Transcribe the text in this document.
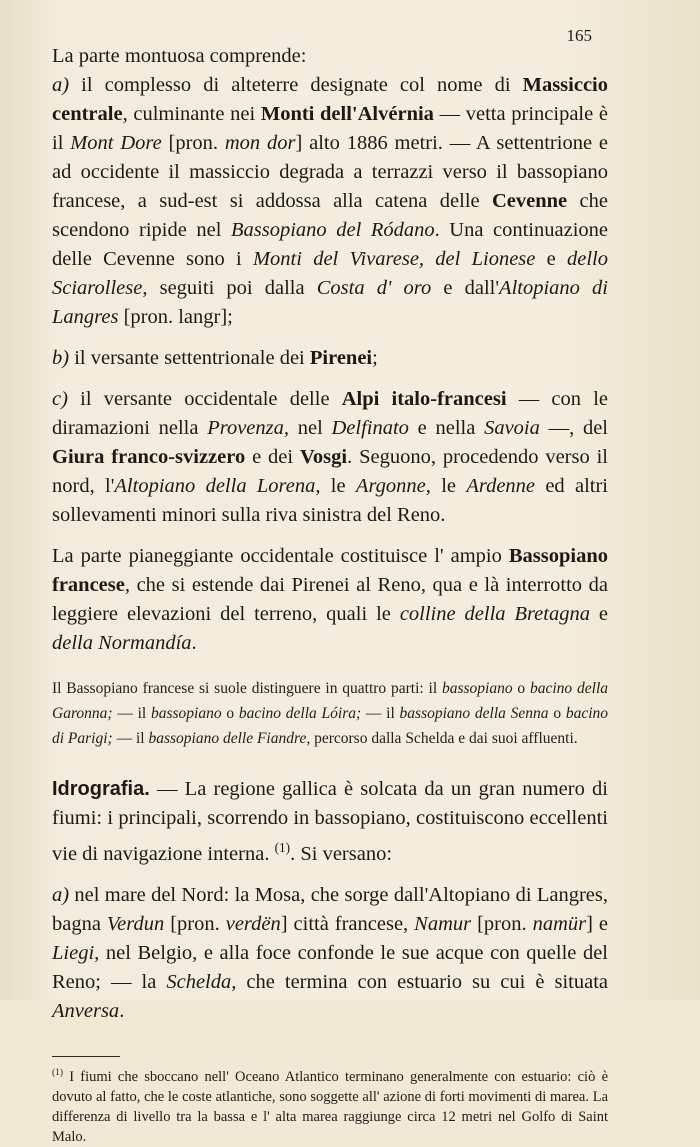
165

La parte montuosa comprende:

a) il complesso di alteterre designate col nome di Massiccio centrale, culminante nei Monti dell'Alvérnia — vetta principale è il Mont Dore [pron. mon dor] alto 1886 metri. — A settentrione e ad occidente il massiccio degrada a terrazzi verso il bassopiano francese, a sud-est si addossa alla catena delle Cevenne che scendono ripide nel Bassopiano del Ródano. Una continuazione delle Cevenne sono i Monti del Vivarese, del Lionese e dello Sciarollese, seguiti poi dalla Costa d' oro e dall'Altopiano di Langres [pron. langr];

b) il versante settentrionale dei Pirenei;

c) il versante occidentale delle Alpi italo-francesi — con le diramazioni nella Provenza, nel Delfinato e nella Savoia —, del Giura franco-svizzero e dei Vosgi. Seguono, procedendo verso il nord, l'Altopiano della Lorena, le Argonne, le Ardenne ed altri sollevamenti minori sulla riva sinistra del Reno.

La parte pianeggiante occidentale costituisce l' ampio Bassopiano francese, che si estende dai Pirenei al Reno, qua e là interrotto da leggiere elevazioni del terreno, quali le colline della Bretagna e della Normandía.

Il Bassopiano francese si suole distinguere in quattro parti: il bassopiano o bacino della Garonna; — il bassopiano o bacino della Lóira; — il bassopiano della Senna o bacino di Parigi; — il bassopiano delle Fiandre, percorso dalla Schelda e dai suoi affluenti.

Idrografia. — La regione gallica è solcata da un gran numero di fiumi: i principali, scorrendo in bassopiano, costituiscono eccellenti vie di navigazione interna. $^{(1)}$. Si versano:

a) nel mare del Nord: la Mosa, che sorge dall'Altopiano di Langres, bagna Verdun [pron. verdën] città francese, Namur [pron. namür] e Liegi, nel Belgio, e alla foce confonde le sue acque con quelle del Reno; — la Schelda, che termina con estuario su cui è situata Anversa.

$^{(1)}$ I fiumi che sboccano nell' Oceano Atlantico terminano generalmente con estuario: ciò è dovuto al fatto, che le coste atlantiche, sono soggette all' azione di forti movimenti di marea. La differenza di livello tra la bassa e l' alta marea raggiunge circa 12 metri nel Golfo di Saint Malo.
